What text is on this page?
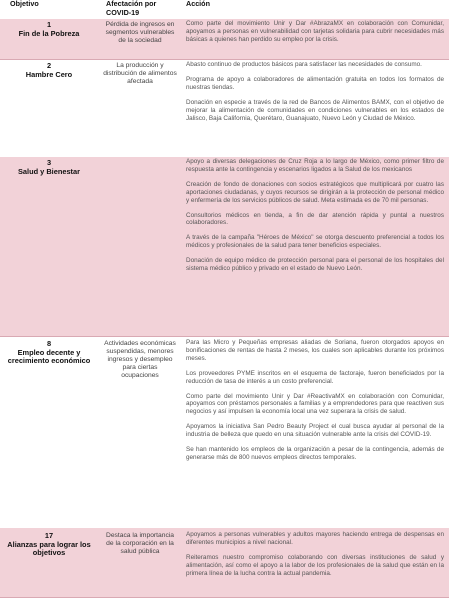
Objetivo	Afectación por COVID-19
Acción
1
Fin de la Pobreza
Pérdida de ingresos en segmentos vulnerables de la sociedad

Como parte del movimiento Unir y Dar #AbrazaMX en colaboración con Comunidar, apoyamos a personas en vulnerabilidad con tarjetas solidaria para cubrir necesidades más básicas a quienes han perdido su empleo por la crisis.

2
Hambre Cero
La producción y distribución de alimentos afectada

Abasto continuo de productos básicos para satisfacer las necesidades de consumo.

Programa de apoyo a colaboradores de alimentación gratuita en todos los formatos de nuestras tiendas.

Donación en especie a través de la red de Bancos de Alimentos BAMX, con el objetivo de mejorar la alimentación de comunidades en condiciones vulnerables en los estados de Jalisco, Baja California, Querétaro, Guanajuato, Nuevo León y Ciudad de México.

3
Salud y Bienestar

Apoyo a diversas delegaciones de Cruz Roja a lo largo de México, como primer filtro de respuesta ante la contingencia y escenarios ligados a la Salud de los mexicanos

Creación de fondo de donaciones con socios estratégicos que multiplicará por cuatro las aportaciones ciudadanas, y cuyos recursos se dirigirán a la protección de personal médico y enfermería de los servicios públicos de salud. Meta estimada es de 70 mil personas.

Consultorios médicos en tienda, a fin de dar atención rápida y puntal a nuestros colaboradores.

A través de la campaña "Héroes de México" se otorga descuento preferencial a todos los médicos y profesionales de la salud para tener beneficios especiales.

Donación de equipo médico de protección personal para el personal de los hospitales del sistema médico público y privado en el estado de Nuevo León.

8
Empleo decente y crecimiento económico
Actividades económicas suspendidas, menores ingresos y desempleo para ciertas ocupaciones

Para las Micro y Pequeñas empresas aliadas de Soriana, fueron otorgados apoyos en bonificaciones de rentas de hasta 2 meses, los cuales son aplicables durante los próximos meses.

Los proveedores PYME inscritos en el esquema de factoraje, fueron beneficiados por la reducción de tasa de interés a un costo preferencial.

Como parte del movimiento Unir y Dar #ReactivaMX en colaboración con Comunidar, apoyamos con préstamos personales a familias y a emprendedores para que reactiven sus negocios y así impulsen la economía local una vez superara la crisis de salud.

Apoyamos la iniciativa San Pedro Beauty Project el cual busca ayudar al personal de la industria de belleza que quedo en una situación vulnerable ante la crisis del COVID-19.

Se han mantenido los empleos de la organización a pesar de la contingencia, además de generarse más de 800 nuevos empleos directos temporales.

17
Alianzas para lograr los objetivos
Destaca la importancia de la corporación en la salud pública

Apoyamos a personas vulnerables y adultos mayores haciendo entrega de despensas en diferentes municipios a nivel nacional.

Reiteramos nuestro compromiso colaborando con diversas instituciones de salud y alimentación, así como el apoyo a la labor de los profesionales de la salud que están en la primera línea de la lucha contra la actual pandemia.
